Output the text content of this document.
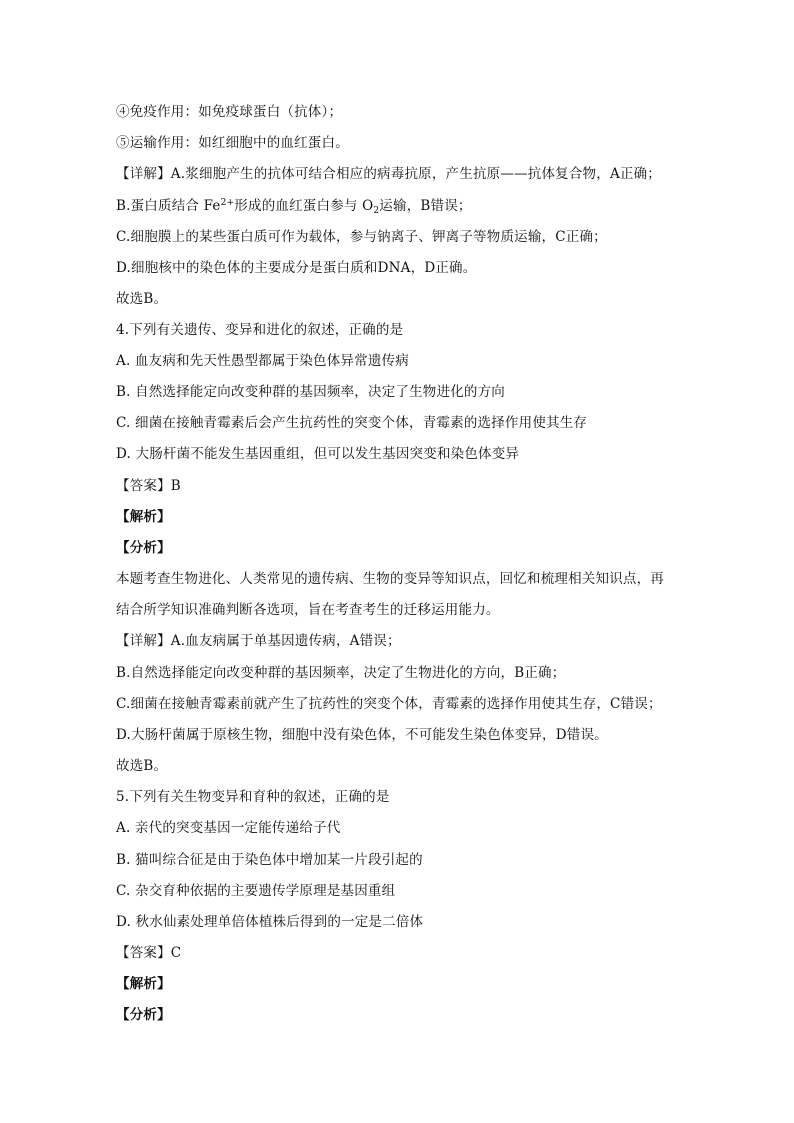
④免疫作用：如免疫球蛋白（抗体）；

⑤运输作用：如红细胞中的血红蛋白。

【详解】A.浆细胞产生的抗体可结合相应的病毒抗原，产生抗原——抗体复合物，A正确；

B.蛋白质结合 $Fe^{2+}$形成的血红蛋白参与 $O_2$运输，B错误；

C.细胞膜上的某些蛋白质可作为载体，参与钠离子、钾离子等物质运输，C正确；

D.细胞核中的染色体的主要成分是蛋白质和DNA，D正确。

故选B。

4.下列有关遗传、变异和进化的叙述，正确的是

A. 血友病和先天性愚型都属于染色体异常遗传病

B. 自然选择能定向改变种群的基因频率，决定了生物进化的方向

C. 细菌在接触青霉素后会产生抗药性的突变个体，青霉素的选择作用使其生存

D. 大肠杆菌不能发生基因重组，但可以发生基因突变和染色体变异

【答案】B

【解析】

【分析】

本题考查生物进化、人类常见的遗传病、生物的变异等知识点，回忆和梳理相关知识点，再

结合所学知识准确判断各选项，旨在考查考生的迁移运用能力。

【详解】A.血友病属于单基因遗传病，A错误；

B.自然选择能定向改变种群的基因频率，决定了生物进化的方向，B正确；

C.细菌在接触青霉素前就产生了抗药性的突变个体，青霉素的选择作用使其生存，C错误；

D.大肠杆菌属于原核生物，细胞中没有染色体，不可能发生染色体变异，D错误。

故选B。

5.下列有关生物变异和育种的叙述，正确的是

A. 亲代的突变基因一定能传递给子代

B. 猫叫综合征是由于染色体中增加某一片段引起的

C. 杂交育种依据的主要遗传学原理是基因重组

D. 秋水仙素处理单倍体植株后得到的一定是二倍体

【答案】C

【解析】

【分析】
